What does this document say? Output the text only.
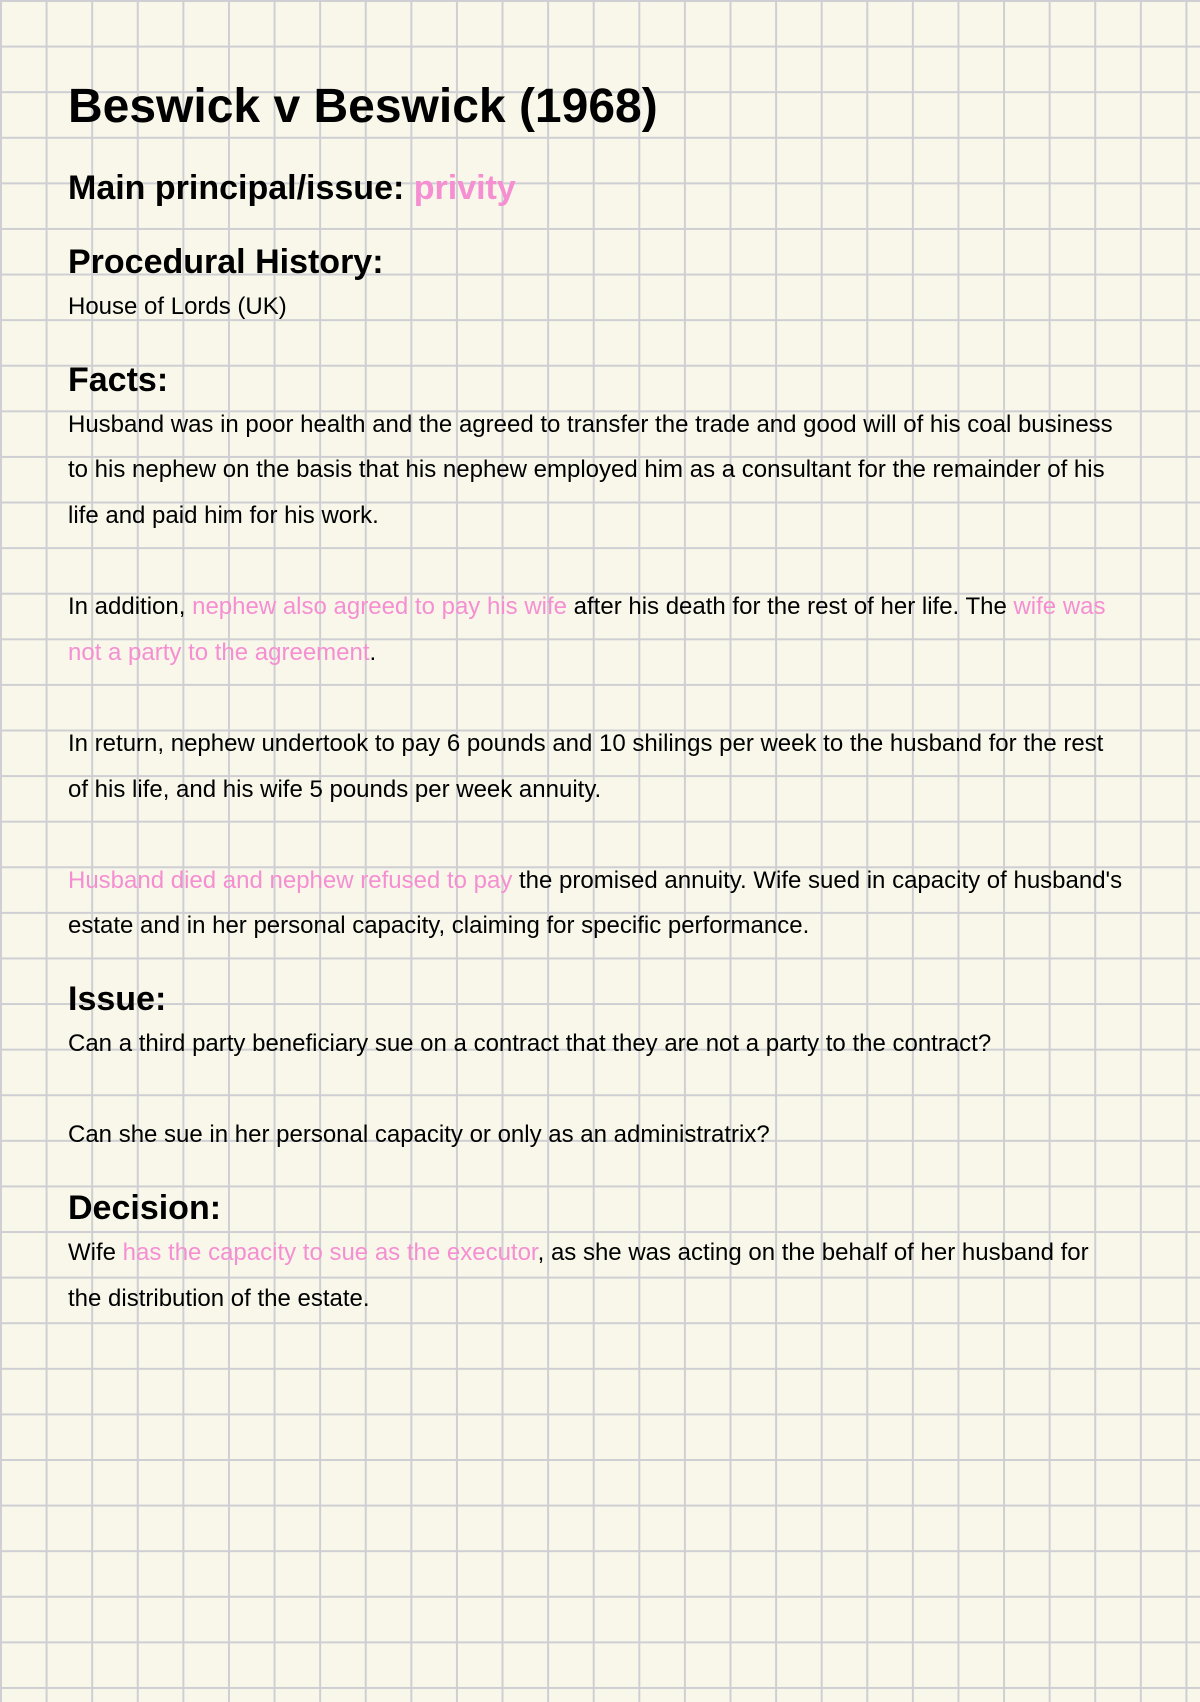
Beswick v Beswick (1968)
Main principal/issue: privity
Procedural History:

House of Lords (UK)

Facts:

Husband was in poor health and the agreed to transfer the trade and good will of his coal business to his nephew on the basis that his nephew employed him as a consultant for the remainder of his life and paid him for his work.

In addition, nephew also agreed to pay his wife after his death for the rest of her life. The wife was not a party to the agreement.

In return, nephew undertook to pay 6 pounds and 10 shilings per week to the husband for the rest of his life, and his wife 5 pounds per week annuity.

Husband died and nephew refused to pay the promised annuity. Wife sued in capacity of husband's estate and in her personal capacity, claiming for specific performance.

Issue:

Can a third party beneficiary sue on a contract that they are not a party to the contract?

Can she sue in her personal capacity or only as an administratrix?

Decision:

Wife has the capacity to sue as the executor, as she was acting on the behalf of her husband for the distribution of the estate.
